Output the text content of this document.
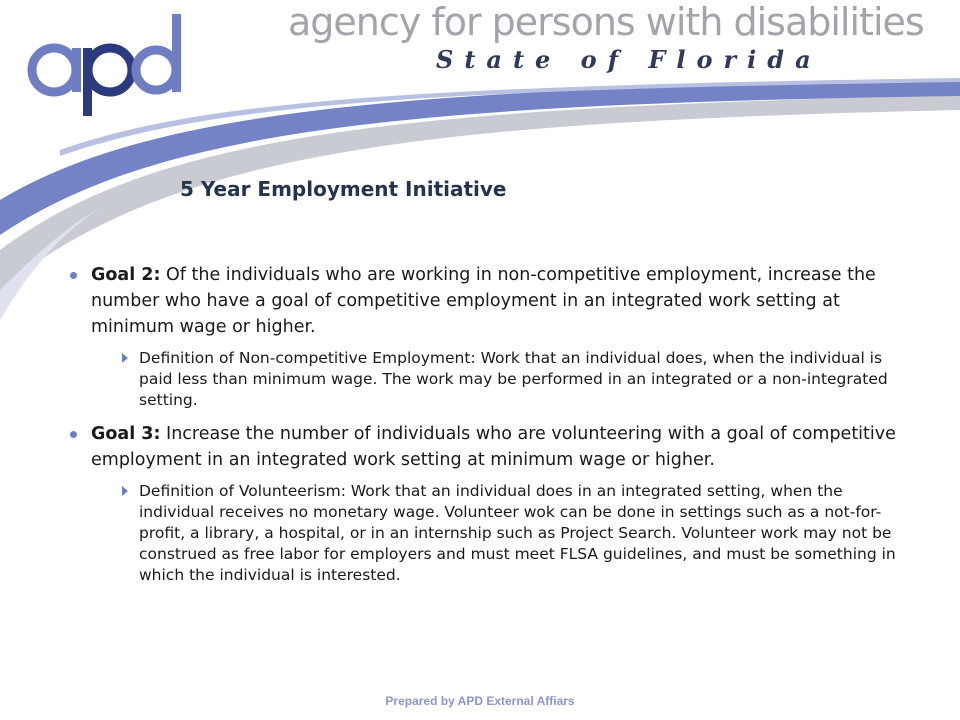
agency for persons with disabilities
State of Florida
5 Year Employment Initiative
Goal 2: Of the individuals who are working in non-competitive employment, increase the number who have a goal of competitive employment in an integrated work setting at minimum wage or higher.
Definition of Non-competitive Employment: Work that an individual does, when the individual is paid less than minimum wage. The work may be performed in an integrated or a non-integrated setting.
Goal 3: Increase the number of individuals who are volunteering with a goal of competitive employment in an integrated work setting at minimum wage or higher.
Definition of Volunteerism: Work that an individual does in an integrated setting, when the individual receives no monetary wage. Volunteer wok can be done in settings such as a not-for-profit, a library, a hospital, or in an internship such as Project Search. Volunteer work may not be construed as free labor for employers and must meet FLSA guidelines, and must be something in which the individual is interested.
Prepared by APD External Affiars
